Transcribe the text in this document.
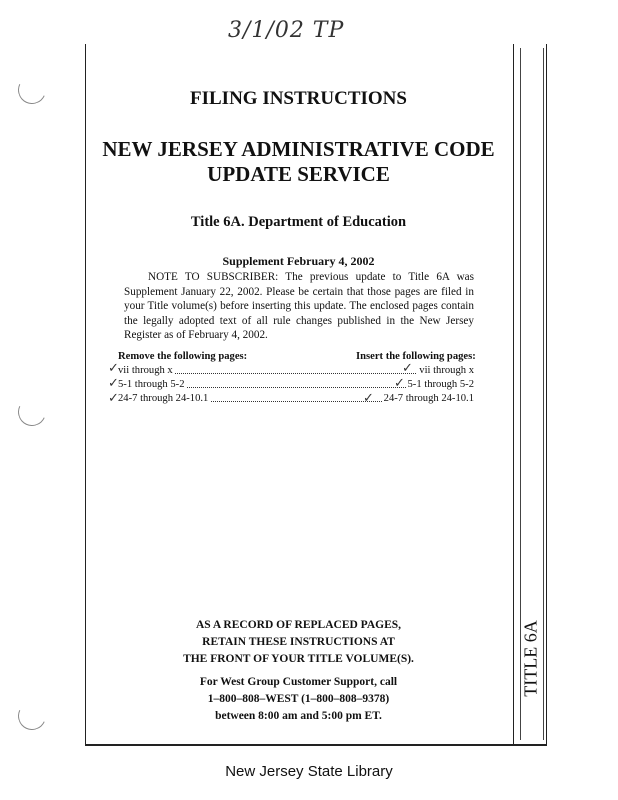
3/1/02 TP
TITLE 6A
FILING INSTRUCTIONS
NEW JERSEY ADMINISTRATIVE CODE
UPDATE SERVICE
Title 6A. Department of Education
Supplement February 4, 2002
NOTE TO SUBSCRIBER: The previous update to Title 6A was Supplement January 22, 2002. Please be certain that those pages are filed in your Title volume(s) before inserting this update. The enclosed pages contain the legally adopted text of all rule changes published in the New Jersey Register as of February 4, 2002.
Remove the following pages:	Insert the following pages:
vii through x	vii through x
5-1 through 5-2	5-1 through 5-2
24-7 through 24-10.1	24-7 through 24-10.1
✓
✓
✓
✓
✓
✓
AS A RECORD OF REPLACED PAGES,
RETAIN THESE INSTRUCTIONS AT
THE FRONT OF YOUR TITLE VOLUME(S).
For West Group Customer Support, call
1–800–808–WEST (1–800–808–9378)
between 8:00 am and 5:00 pm ET.
New Jersey State Library
